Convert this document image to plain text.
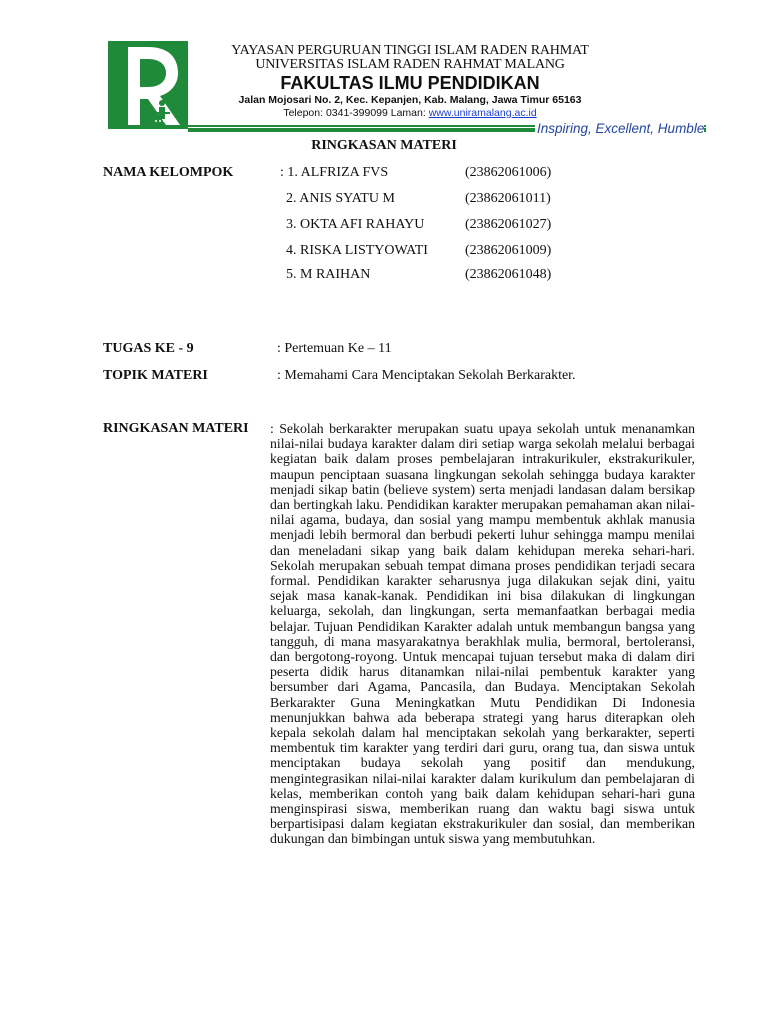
YAYASAN PERGURUAN TINGGI ISLAM RADEN RAHMAT
UNIVERSITAS ISLAM RADEN RAHMAT MALANG
FAKULTAS ILMU PENDIDIKAN
Jalan Mojosari No. 2, Kec. Kepanjen, Kab. Malang, Jawa Timur 65163
Telepon: 0341-399099 Laman: www.uniramalang.ac.id
Inspiring, Excellent, Humble
RINGKASAN MATERI
NAMA KELOMPOK	: 1. ALFRIZA FVS	(23862061006)
2. ANIS SYATU M	(23862061011)
3. OKTA AFI RAHAYU	(23862061027)
4. RISKA LISTYOWATI	(23862061009)
5. M RAIHAN	(23862061048)
TUGAS KE - 9	: Pertemuan Ke – 11
TOPIK MATERI	: Memahami Cara Menciptakan Sekolah Berkarakter.
RINGKASAN MATERI : Sekolah berkarakter merupakan suatu upaya sekolah untuk menanamkan nilai-nilai budaya karakter dalam diri setiap warga sekolah melalui berbagai kegiatan baik dalam proses pembelajaran intrakurikuler, ekstrakurikuler, maupun penciptaan suasana lingkungan sekolah sehingga budaya karakter menjadi sikap batin (believe system) serta menjadi landasan dalam bersikap dan bertingkah laku. Pendidikan karakter merupakan pemahaman akan nilai-nilai agama, budaya, dan sosial yang mampu membentuk akhlak manusia menjadi lebih bermoral dan berbudi pekerti luhur sehingga mampu menilai dan meneladani sikap yang baik dalam kehidupan mereka sehari-hari. Sekolah merupakan sebuah tempat dimana proses pendidikan terjadi secara formal. Pendidikan karakter seharusnya juga dilakukan sejak dini, yaitu sejak masa kanak-kanak. Pendidikan ini bisa dilakukan di lingkungan keluarga, sekolah, dan lingkungan, serta memanfaatkan berbagai media belajar. Tujuan Pendidikan Karakter adalah untuk membangun bangsa yang tangguh, di mana masyarakatnya berakhlak mulia, bermoral, bertoleransi, dan bergotong-royong. Untuk mencapai tujuan tersebut maka di dalam diri peserta didik harus ditanamkan nilai-nilai pembentuk karakter yang bersumber dari Agama, Pancasila, dan Budaya. Menciptakan Sekolah Berkarakter Guna Meningkatkan Mutu Pendidikan Di Indonesia menunjukkan bahwa ada beberapa strategi yang harus diterapkan oleh kepala sekolah dalam hal menciptakan sekolah yang berkarakter, seperti membentuk tim karakter yang terdiri dari guru, orang tua, dan siswa untuk menciptakan budaya sekolah yang positif dan mendukung, mengintegrasikan nilai-nilai karakter dalam kurikulum dan pembelajaran di kelas, memberikan contoh yang baik dalam kehidupan sehari-hari guna menginspirasi siswa, memberikan ruang dan waktu bagi siswa untuk berpartisipasi dalam kegiatan ekstrakurikuler dan sosial, dan memberikan dukungan dan bimbingan untuk siswa yang membutuhkan.
